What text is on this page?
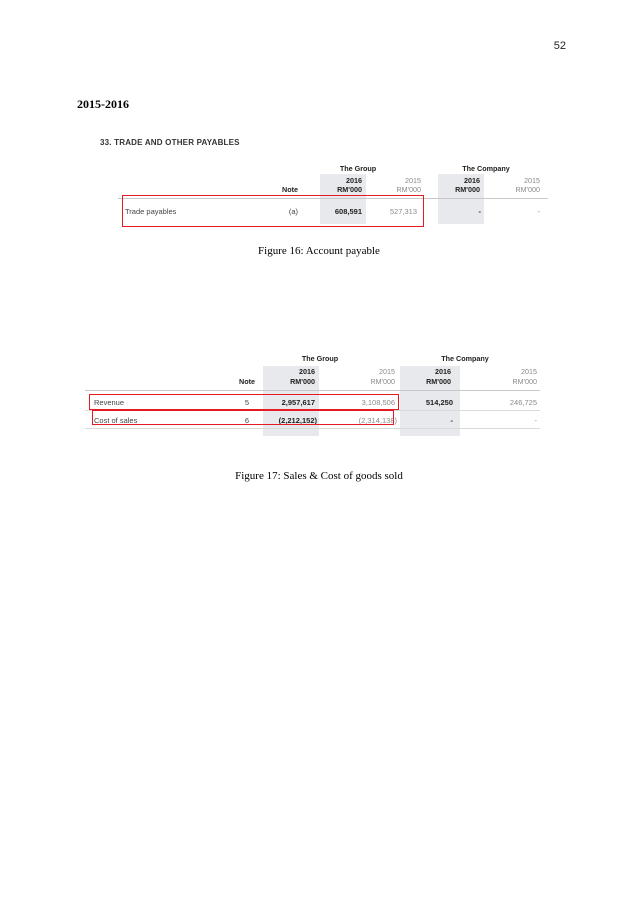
52
2015-2016
33. TRADE AND OTHER PAYABLES
The Group	The Company
2016	2015	2016	2015
Note	RM'000	RM'000	RM'000	RM'000
Trade payables	(a)	608,591	527,313	-	-
Figure 16: Account payable
The Group	The Company
2016	2015	2016	2015
Note	RM'000	RM'000	RM'000	RM'000
Revenue	5	2,957,617	3,108,506	514,250	246,725
Cost of sales	6	(2,212,152)	(2,314,138)	-	-
Figure 17: Sales & Cost of goods sold
